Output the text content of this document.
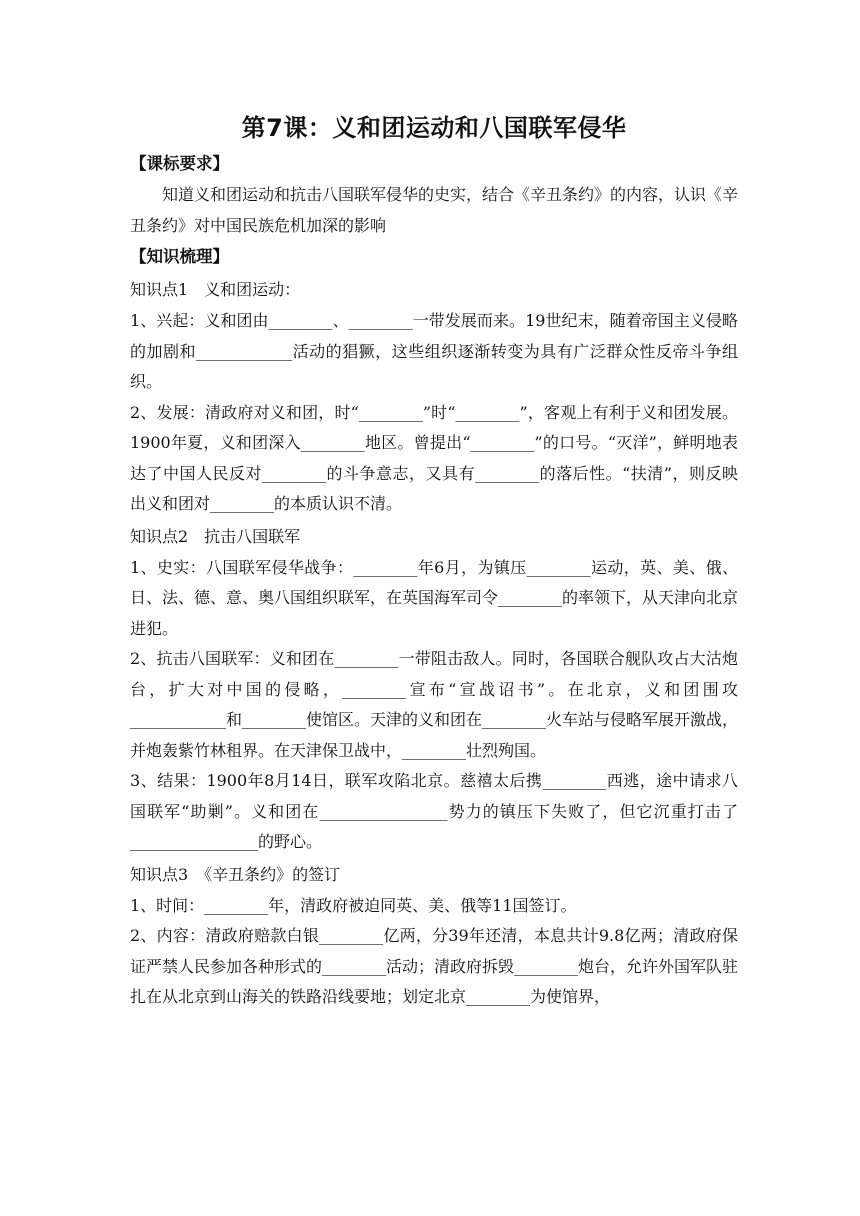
第7课：义和团运动和八国联军侵华
【课标要求】

知道义和团运动和抗击八国联军侵华的史实，结合《辛丑条约》的内容，认识《辛丑条约》对中国民族危机加深的影响

【知识梳理】

知识点1　义和团运动：

1、兴起：义和团由________、________一带发展而来。19世纪末，随着帝国主义侵略的加剧和____________活动的猖獗，这些组织逐渐转变为具有广泛群众性反帝斗争组织。

2、发展：清政府对义和团，时“________”时“________”，客观上有利于义和团发展。1900年夏，义和团深入________地区。曾提出“________”的口号。“灭洋”，鲜明地表达了中国人民反对________的斗争意志，又具有________的落后性。“扶清”，则反映出义和团对________的本质认识不清。

知识点2　抗击八国联军

1、史实：八国联军侵华战争：________年6月，为镇压________运动，英、美、俄、日、法、德、意、奥八国组织联军，在英国海军司令________的率领下，从天津向北京进犯。

2、抗击八国联军：义和团在________一带阻击敌人。同时，各国联合舰队攻占大沽炮台，扩大对中国的侵略，________宣布“宣战诏书”。在北京，义和团围攻____________和________使馆区。天津的义和团在________火车站与侵略军展开激战，并炮轰紫竹林租界。在天津保卫战中，________壮烈殉国。

3、结果：1900年8月14日，联军攻陷北京。慈禧太后携________西逃，途中请求八国联军“助剿”。义和团在________________势力的镇压下失败了，但它沉重打击了________________的野心。

知识点3　《辛丑条约》的签订

1、时间：________年，清政府被迫同英、美、俄等11国签订。

2、内容：清政府赔款白银________亿两，分39年还清，本息共计9.8亿两；清政府保证严禁人民参加各种形式的________活动；清政府拆毁________炮台，允许外国军队驻扎在从北京到山海关的铁路沿线要地；划定北京________为使馆界，
